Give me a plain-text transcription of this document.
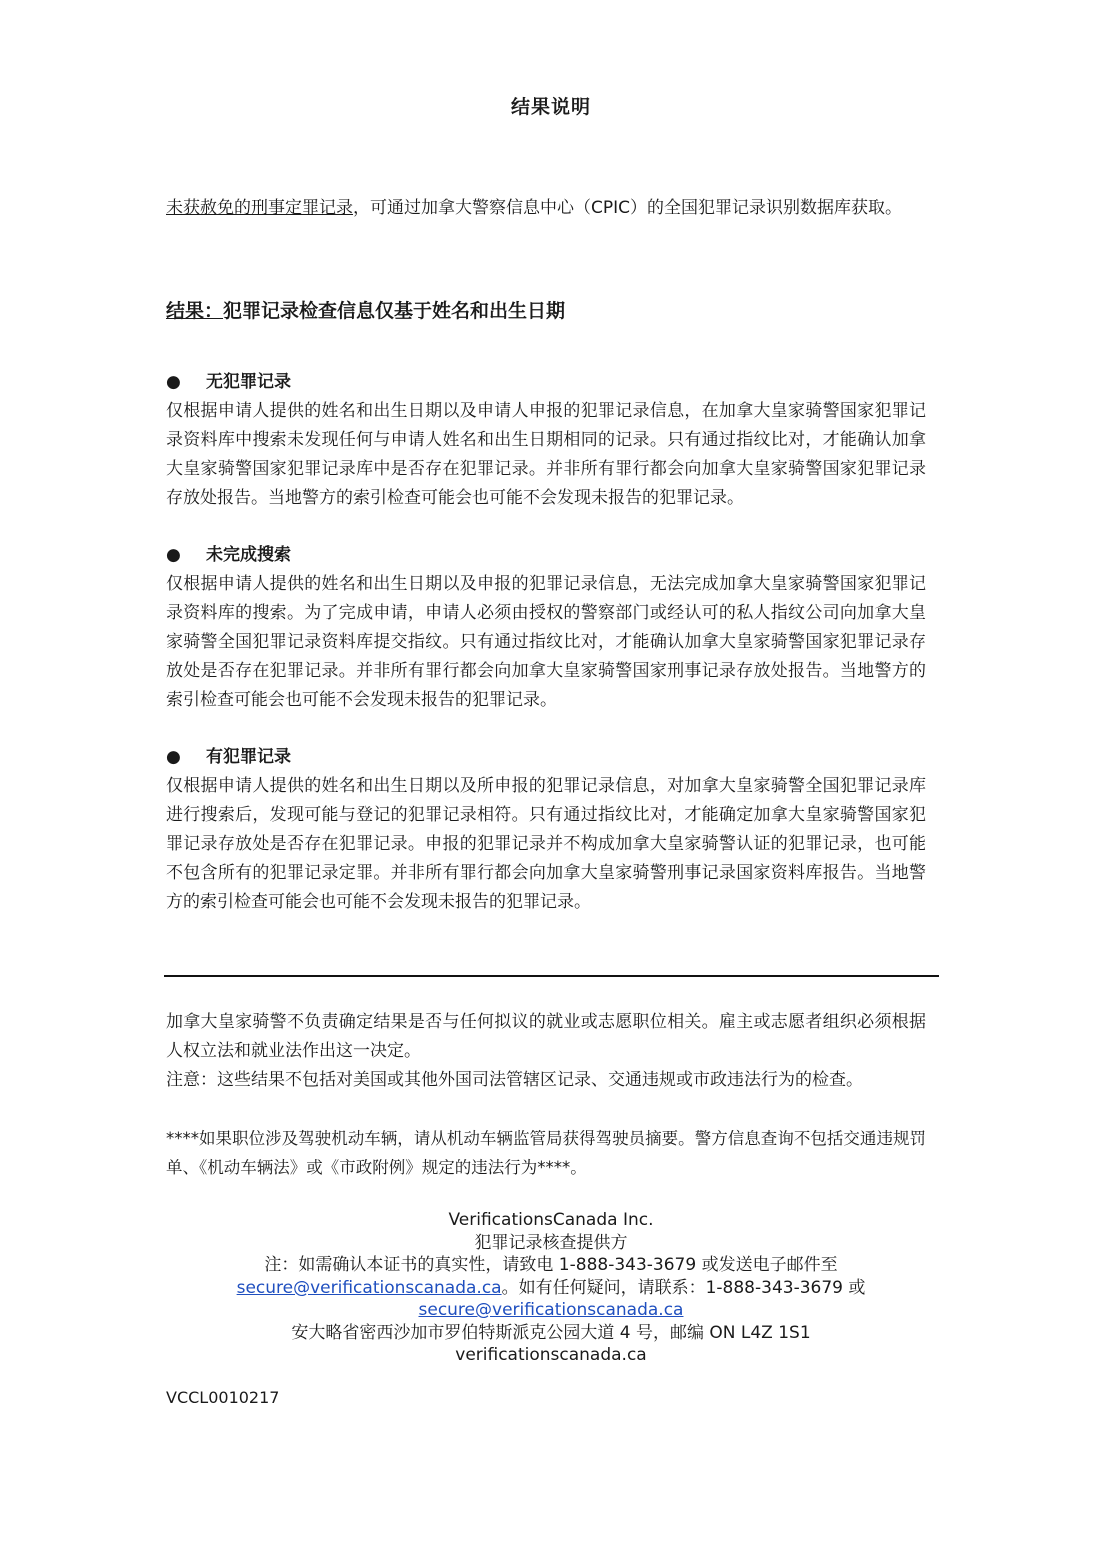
结果说明
未获赦免的刑事定罪记录，可通过加拿大警察信息中心（CPIC）的全国犯罪记录识别数据库获取。
结果：犯罪记录检查信息仅基于姓名和出生日期
● 无犯罪记录
仅根据申请人提供的姓名和出生日期以及申请人申报的犯罪记录信息，在加拿大皇家骑警国家犯罪记录资料库中搜索未发现任何与申请人姓名和出生日期相同的记录。只有通过指纹比对，才能确认加拿大皇家骑警国家犯罪记录库中是否存在犯罪记录。并非所有罪行都会向加拿大皇家骑警国家犯罪记录存放处报告。当地警方的索引检查可能会也可能不会发现未报告的犯罪记录。
● 未完成搜索
仅根据申请人提供的姓名和出生日期以及申报的犯罪记录信息，无法完成加拿大皇家骑警国家犯罪记录资料库的搜索。为了完成申请，申请人必须由授权的警察部门或经认可的私人指纹公司向加拿大皇家骑警全国犯罪记录资料库提交指纹。只有通过指纹比对，才能确认加拿大皇家骑警国家犯罪记录存放处是否存在犯罪记录。并非所有罪行都会向加拿大皇家骑警国家刑事记录存放处报告。当地警方的索引检查可能会也可能不会发现未报告的犯罪记录。
● 有犯罪记录
仅根据申请人提供的姓名和出生日期以及所申报的犯罪记录信息，对加拿大皇家骑警全国犯罪记录库进行搜索后，发现可能与登记的犯罪记录相符。只有通过指纹比对，才能确定加拿大皇家骑警国家犯罪记录存放处是否存在犯罪记录。申报的犯罪记录并不构成加拿大皇家骑警认证的犯罪记录，也可能不包含所有的犯罪记录定罪。并非所有罪行都会向加拿大皇家骑警刑事记录国家资料库报告。当地警方的索引检查可能会也可能不会发现未报告的犯罪记录。
加拿大皇家骑警不负责确定结果是否与任何拟议的就业或志愿职位相关。雇主或志愿者组织必须根据人权立法和就业法作出这一决定。
注意：这些结果不包括对美国或其他外国司法管辖区记录、交通违规或市政违法行为的检查。
****如果职位涉及驾驶机动车辆，请从机动车辆监管局获得驾驶员摘要。警方信息查询不包括交通违规罚单、《机动车辆法》或《市政附例》规定的违法行为****。
VerificationsCanada Inc.
犯罪记录核查提供方
注：如需确认本证书的真实性，请致电 1-888-343-3679 或发送电子邮件至
secure@verificationscanada.ca。如有任何疑问，请联系：1-888-343-3679 或
secure@verificationscanada.ca
安大略省密西沙加市罗伯特斯派克公园大道 4 号，邮编 ON L4Z 1S1
verificationscanada.ca
VCCL0010217
